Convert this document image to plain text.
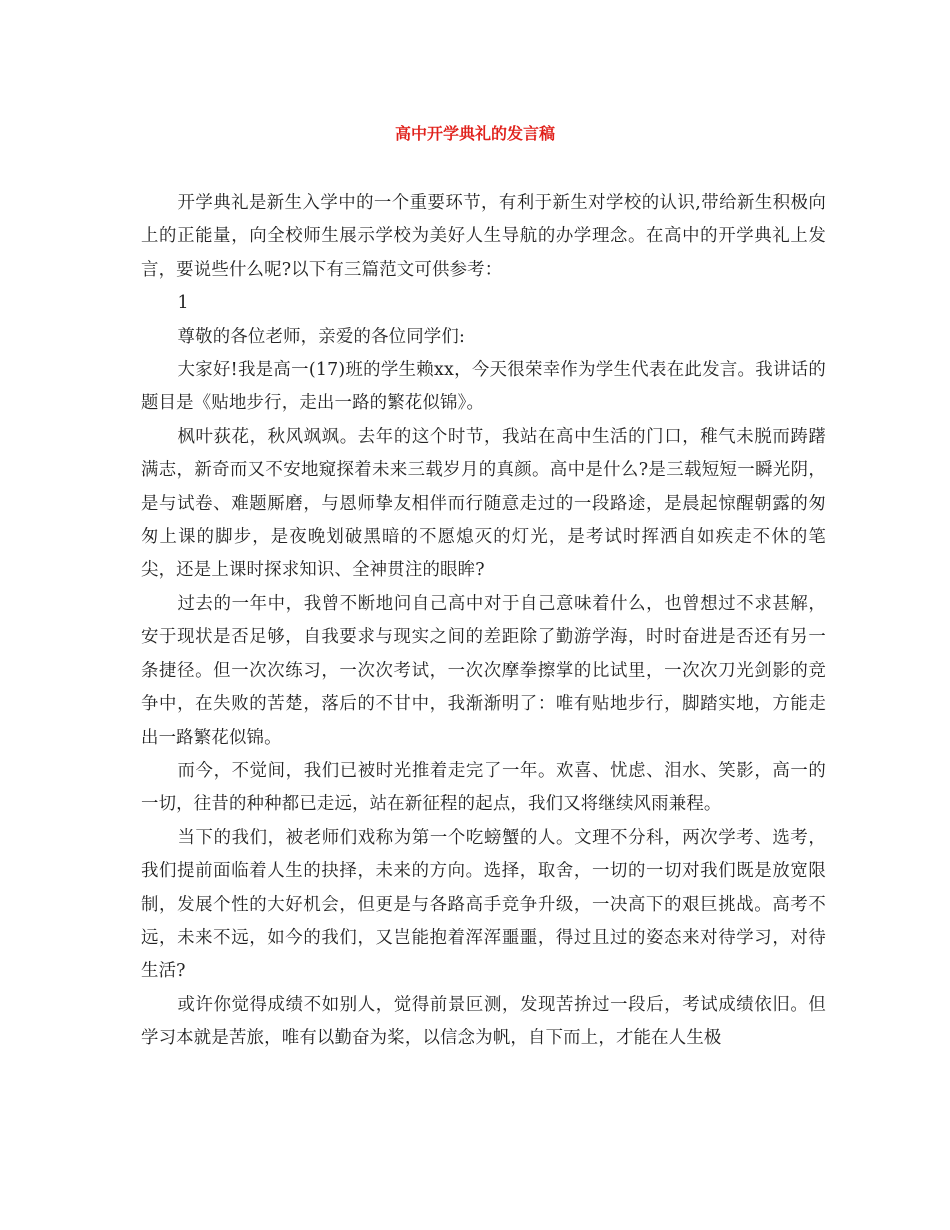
高中开学典礼的发言稿

开学典礼是新生入学中的一个重要环节，有利于新生对学校的认识,带给新生积极向上的正能量，向全校师生展示学校为美好人生导航的办学理念。在高中的开学典礼上发言，要说些什么呢?以下有三篇范文可供参考：

1

尊敬的各位老师，亲爱的各位同学们:

大家好!我是高一(17)班的学生赖xx，今天很荣幸作为学生代表在此发言。我讲话的题目是《贴地步行，走出一路的繁花似锦》。

枫叶荻花，秋风飒飒。去年的这个时节，我站在高中生活的门口，稚气未脱而踌躇满志，新奇而又不安地窥探着未来三载岁月的真颜。高中是什么?是三载短短一瞬光阴，是与试卷、难题厮磨，与恩师挚友相伴而行随意走过的一段路途，是晨起惊醒朝露的匆匆上课的脚步，是夜晚划破黑暗的不愿熄灭的灯光，是考试时挥洒自如疾走不休的笔尖，还是上课时探求知识、全神贯注的眼眸?

过去的一年中，我曾不断地问自己高中对于自己意味着什么，也曾想过不求甚解，安于现状是否足够，自我要求与现实之间的差距除了勤游学海，时时奋进是否还有另一条捷径。但一次次练习，一次次考试，一次次摩拳擦掌的比试里，一次次刀光剑影的竞争中，在失败的苦楚，落后的不甘中，我渐渐明了：唯有贴地步行，脚踏实地，方能走出一路繁花似锦。

而今，不觉间，我们已被时光推着走完了一年。欢喜、忧虑、泪水、笑影，高一的一切，往昔的种种都已走远，站在新征程的起点，我们又将继续风雨兼程。

当下的我们，被老师们戏称为第一个吃螃蟹的人。文理不分科，两次学考、选考，我们提前面临着人生的抉择，未来的方向。选择，取舍，一切的一切对我们既是放宽限制，发展个性的大好机会，但更是与各路高手竞争升级，一决高下的艰巨挑战。高考不远，未来不远，如今的我们，又岂能抱着浑浑噩噩，得过且过的姿态来对待学习，对待生活?

或许你觉得成绩不如别人，觉得前景叵测，发现苦拚过一段后，考试成绩依旧。但学习本就是苦旅，唯有以勤奋为桨，以信念为帆，自下而上，才能在人生极
